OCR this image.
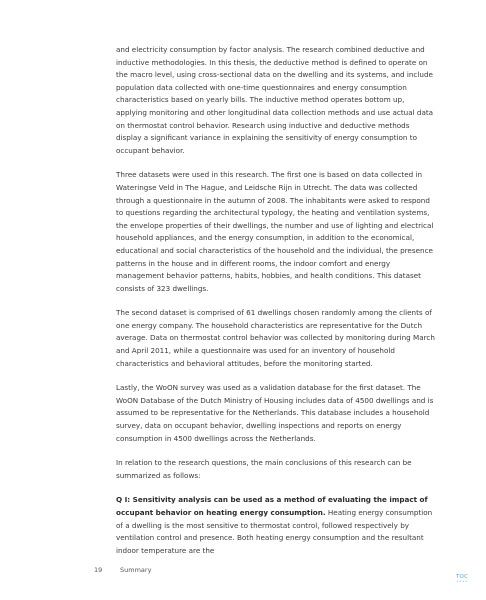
and electricity consumption by factor analysis. The research combined deductive and inductive methodologies. In this thesis, the deductive method is defined to operate on the macro level, using cross-sectional data on the dwelling and its systems, and include population data collected with one-time questionnaires and energy consumption characteristics based on yearly bills. The inductive method operates bottom up, applying monitoring and other longitudinal data collection methods and use actual data on thermostat control behavior. Research using inductive and deductive methods display a significant variance in explaining the sensitivity of energy consumption to occupant behavior.

Three datasets were used in this research. The first one is based on data collected in Wateringse Veld in The Hague, and Leidsche Rijn in Utrecht. The data was collected through a questionnaire in the autumn of 2008. The inhabitants were asked to respond to questions regarding the architectural typology, the heating and ventilation systems, the envelope properties of their dwellings, the number and use of lighting and electrical household appliances, and the energy consumption, in addition to the economical, educational and social characteristics of the household and the individual, the presence patterns in the house and in different rooms, the indoor comfort and energy management behavior patterns, habits, hobbies, and health conditions. This dataset consists of 323 dwellings.

The second dataset is comprised of 61 dwellings chosen randomly among the clients of one energy company. The household characteristics are representative for the Dutch average. Data on thermostat control behavior was collected by monitoring during March and April 2011, while a questionnaire was used for an inventory of household characteristics and behavioral attitudes, before the monitoring started.

Lastly, the WoON survey was used as a validation database for the first dataset. The WoON Database of the Dutch Ministry of Housing includes data of 4500 dwellings and is assumed to be representative for the Netherlands. This database includes a household survey, data on occupant behavior, dwelling inspections and reports on energy consumption in 4500 dwellings across the Netherlands.

In relation to the research questions, the main conclusions of this research can be summarized as follows:

Q I: Sensitivity analysis can be used as a method of evaluating the impact of occupant behavior on heating energy consumption. Heating energy consumption of a dwelling is the most sensitive to thermostat control, followed respectively by ventilation control and presence. Both heating energy consumption and the resultant indoor temperature are the

19	Summary
TOC
••••
